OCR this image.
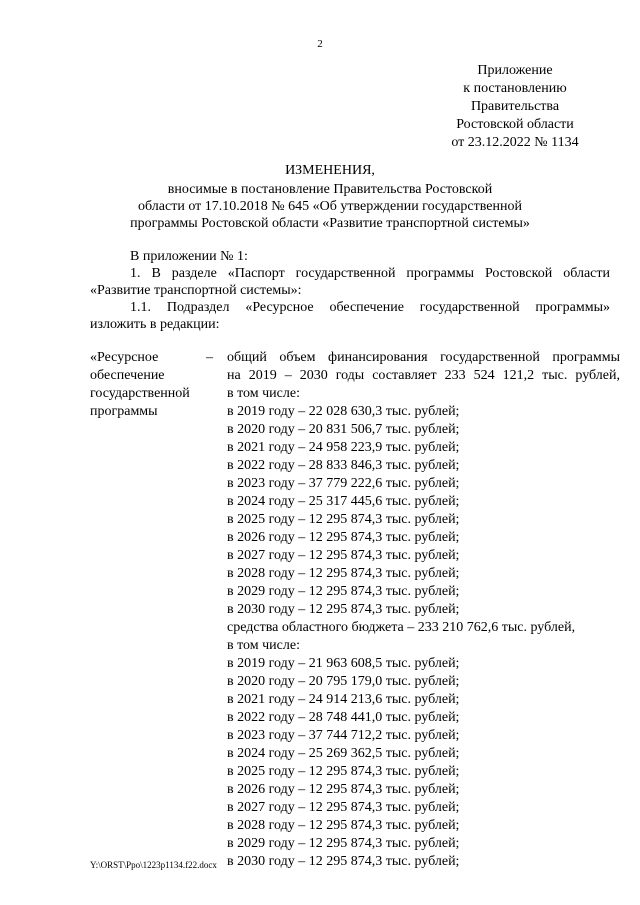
2
Приложение
к постановлению
Правительства
Ростовской области
от 23.12.2022 № 1134
ИЗМЕНЕНИЯ,
вносимые в постановление Правительства Ростовской
области от 17.10.2018 № 645 «Об утверждении государственной
программы Ростовской области «Развитие транспортной системы»

В приложении № 1:

1. В разделе «Паспорт государственной программы Ростовской области

«Развитие транспортной системы»:

1.1. Подраздел «Ресурсное обеспечение государственной программы»

изложить в редакции:

«Ресурсное
обеспечение
государственной
программы
– общий объем финансирования государственной программы
на 2019 – 2030 годы составляет 233 524 121,2 тыс. рублей,
в том числе:
в 2019 году – 22 028 630,3 тыс. рублей;
в 2020 году – 20 831 506,7 тыс. рублей;
в 2021 году – 24 958 223,9 тыс. рублей;
в 2022 году – 28 833 846,3 тыс. рублей;
в 2023 году – 37 779 222,6 тыс. рублей;
в 2024 году – 25 317 445,6 тыс. рублей;
в 2025 году – 12 295 874,3 тыс. рублей;
в 2026 году – 12 295 874,3 тыс. рублей;
в 2027 году – 12 295 874,3 тыс. рублей;
в 2028 году – 12 295 874,3 тыс. рублей;
в 2029 году – 12 295 874,3 тыс. рублей;
в 2030 году – 12 295 874,3 тыс. рублей;
средства областного бюджета – 233 210 762,6 тыс. рублей,
в том числе:
в 2019 году – 21 963 608,5 тыс. рублей;
в 2020 году – 20 795 179,0 тыс. рублей;
в 2021 году – 24 914 213,6 тыс. рублей;
в 2022 году – 28 748 441,0 тыс. рублей;
в 2023 году – 37 744 712,2 тыс. рублей;
в 2024 году – 25 269 362,5 тыс. рублей;
в 2025 году – 12 295 874,3 тыс. рублей;
в 2026 году – 12 295 874,3 тыс. рублей;
в 2027 году – 12 295 874,3 тыс. рублей;
в 2028 году – 12 295 874,3 тыс. рублей;
в 2029 году – 12 295 874,3 тыс. рублей;
в 2030 году – 12 295 874,3 тыс. рублей;
Y:\ORST\Ppo\1223p1134.f22.docx
